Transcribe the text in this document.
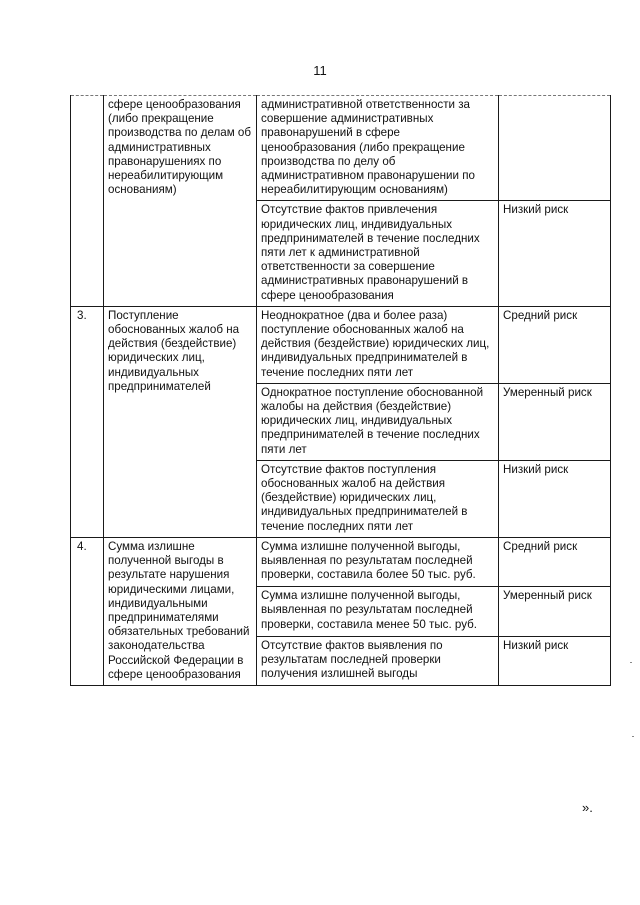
11
	сфере ценообразования (либо прекращение производства по делам об административных правонарушениях по нереабилитирующим основаниям)	административной ответственности за совершение административных правонарушений в сфере ценообразования (либо прекращение производства по делу об административном правонарушении по нереабилитирующим основаниям)	
		Отсутствие фактов привлечения юридических лиц, индивидуальных предпринимателей в течение последних пяти лет к административной ответственности за совершение административных правонарушений в сфере ценообразования	Низкий риск
3.	Поступление обоснованных жалоб на действия (бездействие) юридических лиц, индивидуальных предпринимателей	Неоднократное (два и более раза) поступление обоснованных жалоб на действия (бездействие) юридических лиц, индивидуальных предпринимателей в течение последних пяти лет	Средний риск
		Однократное поступление обоснованной жалобы на действия (бездействие) юридических лиц, индивидуальных предпринимателей в течение последних пяти лет	Умеренный риск
		Отсутствие фактов поступления обоснованных жалоб на действия (бездействие) юридических лиц, индивидуальных предпринимателей в течение последних пяти лет	Низкий риск
4.	Сумма излишне полученной выгоды в результате нарушения юридическими лицами, индивидуальными предпринимателями обязательных требований законодательства Российской Федерации в сфере ценообразования	Сумма излишне полученной выгоды, выявленная по результатам последней проверки, составила более 50 тыс. руб.	Средний риск
		Сумма излишне полученной выгоды, выявленная по результатам последней проверки, составила менее 50 тыс. руб.	Умеренный риск
		Отсутствие фактов выявления по результатам последней проверки получения излишней выгоды	Низкий риск
».
